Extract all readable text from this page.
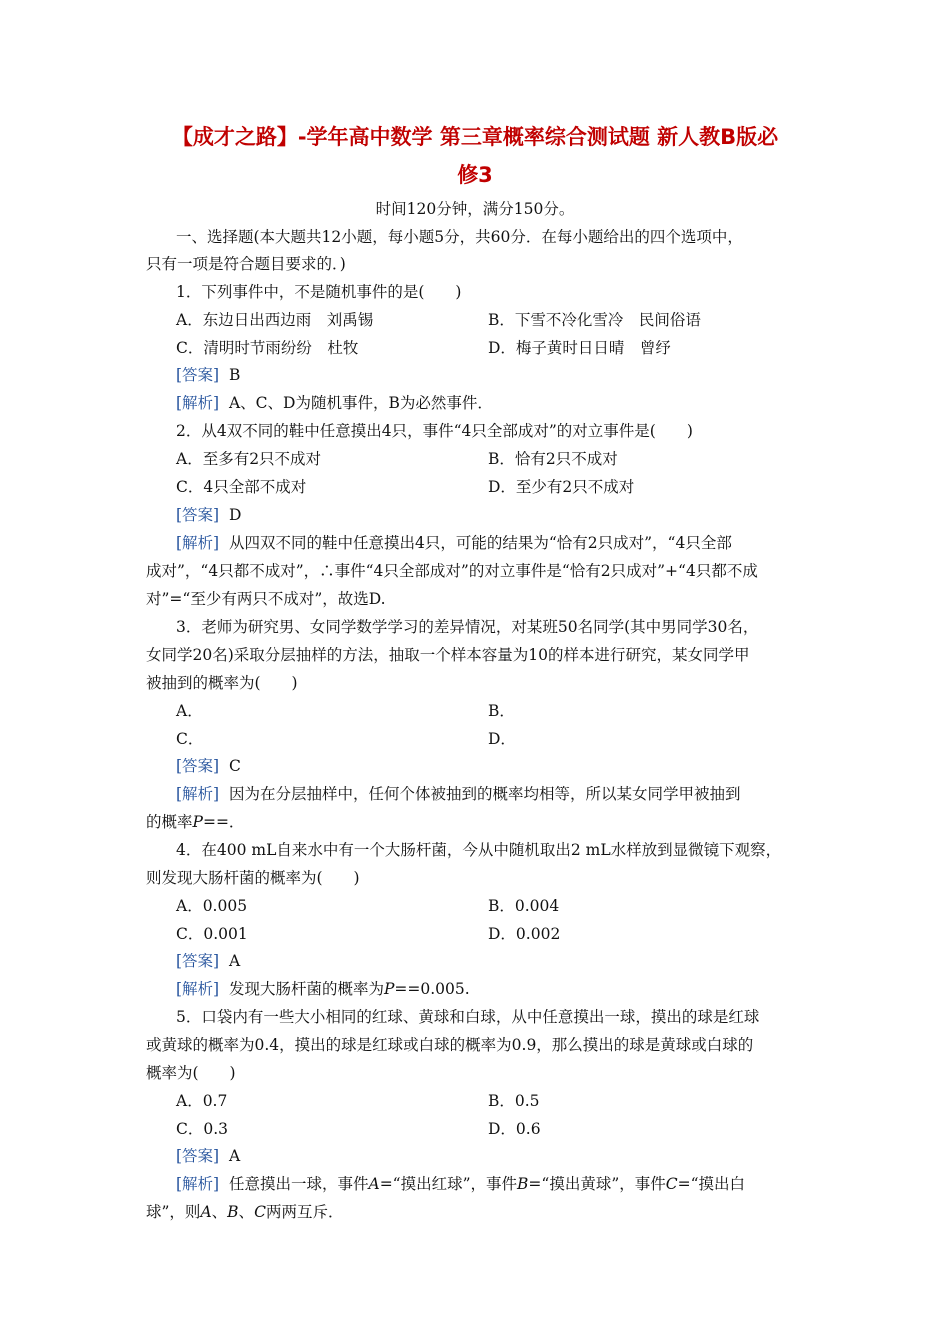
【成才之路】-学年高中数学 第三章概率综合测试题 新人教B版必
修3
时间120分钟，满分150分。
一、选择题(本大题共12小题，每小题5分，共60分．在每小题给出的四个选项中，
只有一项是符合题目要求的．)
1．下列事件中，不是随机事件的是(　　)
A．东边日出西边雨　刘禹锡	B．下雪不冷化雪冷　民间俗语
C．清明时节雨纷纷　杜牧	D．梅子黄时日日晴　曾纾
[答案] B
[解析] A、C、D为随机事件，B为必然事件．
2．从4双不同的鞋中任意摸出4只，事件“4只全部成对”的对立事件是(　　)
A．至多有2只不成对	B．恰有2只不成对
C．4只全部不成对	D．至少有2只不成对
[答案] D
[解析] 从四双不同的鞋中任意摸出4只，可能的结果为“恰有2只成对”，“4只全部
成对”，“4只都不成对”，∴事件“4只全部成对”的对立事件是“恰有2只成对”+“4只都不成
对”=“至少有两只不成对”，故选D.
3．老师为研究男、女同学数学学习的差异情况，对某班50名同学(其中男同学30名，
女同学20名)采取分层抽样的方法，抽取一个样本容量为10的样本进行研究，某女同学甲
被抽到的概率为(　　)
A．	B．
C．	D．
[答案] C
[解析] 因为在分层抽样中，任何个体被抽到的概率均相等，所以某女同学甲被抽到
的概率P==．
4．在400 mL自来水中有一个大肠杆菌，今从中随机取出2 mL水样放到显微镜下观察，
则发现大肠杆菌的概率为(　　)
A．0.005	B．0.004
C．0.001	D．0.002
[答案] A
[解析] 发现大肠杆菌的概率为P==0.005.
5．口袋内有一些大小相同的红球、黄球和白球，从中任意摸出一球，摸出的球是红球
或黄球的概率为0.4，摸出的球是红球或白球的概率为0.9，那么摸出的球是黄球或白球的
概率为(　　)
A．0.7	B．0.5
C．0.3	D．0.6
[答案] A
[解析] 任意摸出一球，事件A=“摸出红球”，事件B=“摸出黄球”，事件C=“摸出白
球”，则A、B、C两两互斥．
